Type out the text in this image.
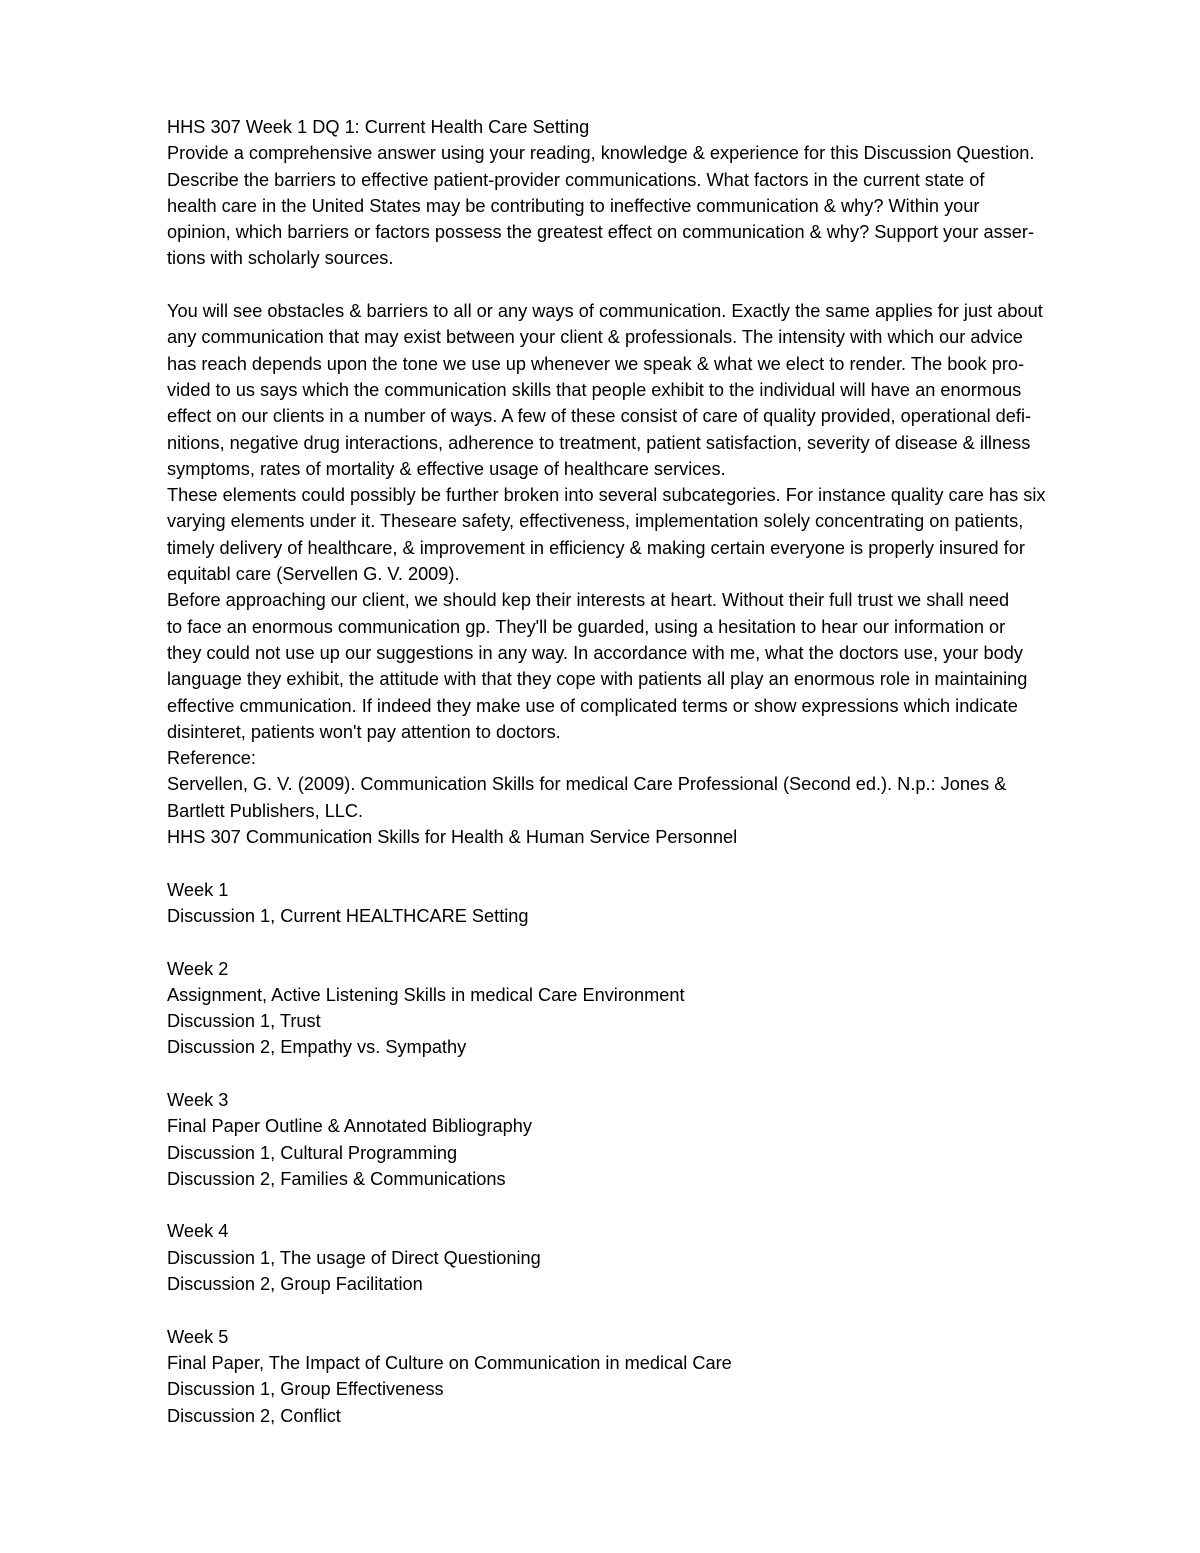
HHS 307 Week 1 DQ 1: Current Health Care Setting
Provide a comprehensive answer using your reading, knowledge & experience for this Discussion Question.
Describe the barriers to effective patient-provider communications. What factors in the current state of
health care in the United States may be contributing to ineffective communication & why? Within your
opinion, which barriers or factors possess the greatest effect on communication & why? Support your asser-
tions with scholarly sources.
You will see obstacles & barriers to all or any ways of communication. Exactly the same applies for just about
any communication that may exist between your client & professionals. The intensity with which our advice
has reach depends upon the tone we use up whenever we speak & what we elect to render. The book pro-
vided to us says which the communication skills that people exhibit to the individual will have an enormous
effect on our clients in a number of ways. A few of these consist of care of quality provided, operational defi-
nitions, negative drug interactions, adherence to treatment, patient satisfaction, severity of disease & illness
symptoms, rates of mortality & effective usage of healthcare services.
These elements could possibly be further broken into several subcategories. For instance quality care has six
varying elements under it. Theseare safety, effectiveness, implementation solely concentrating on patients,
timely delivery of healthcare, & improvement in efficiency & making certain everyone is properly insured for
equitabl care (Servellen G. V. 2009).
Before approaching our client, we should kep their interests at heart. Without their full trust we shall need
to face an enormous communication gp. They'll be guarded, using a hesitation to hear our information or
they could not use up our suggestions in any way. In accordance with me, what the doctors use, your body
language they exhibit, the attitude with that they cope with patients all play an enormous role in maintaining
effective cmmunication. If indeed they make use of complicated terms or show expressions which indicate
disinteret, patients won't pay attention to doctors.
Reference:
Servellen, G. V. (2009). Communication Skills for medical Care Professional (Second ed.). N.p.: Jones &
Bartlett Publishers, LLC.
HHS 307 Communication Skills for Health & Human Service Personnel
Week 1
Discussion 1, Current HEALTHCARE Setting
Week 2
Assignment, Active Listening Skills in medical Care Environment
Discussion 1, Trust
Discussion 2, Empathy vs. Sympathy
Week 3
Final Paper Outline & Annotated Bibliography
Discussion 1, Cultural Programming
Discussion 2, Families & Communications
Week 4
Discussion 1, The usage of Direct Questioning
Discussion 2, Group Facilitation
Week 5
Final Paper, The Impact of Culture on Communication in medical Care
Discussion 1, Group Effectiveness
Discussion 2, Conflict
